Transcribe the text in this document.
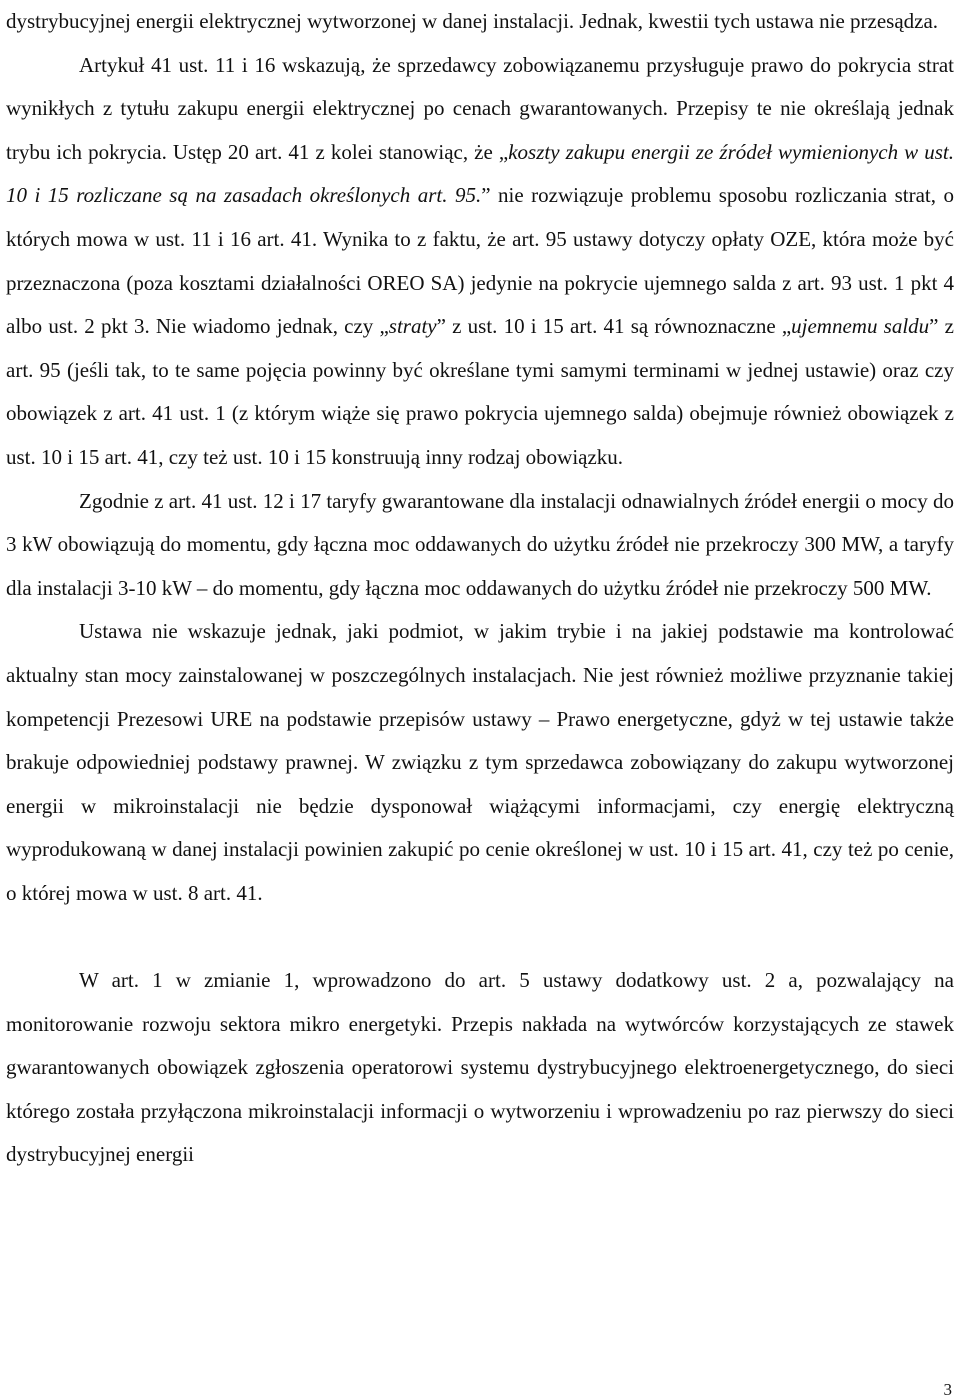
dystrybucyjnej energii elektrycznej wytworzonej w danej instalacji. Jednak, kwestii tych ustawa nie przesądza.

Artykuł 41 ust. 11 i 16 wskazują, że sprzedawcy zobowiązanemu przysługuje prawo do pokrycia strat wynikłych z tytułu zakupu energii elektrycznej po cenach gwarantowanych. Przepisy te nie określają jednak trybu ich pokrycia. Ustęp 20 art. 41 z kolei stanowiąc, że „koszty zakupu energii ze źródeł wymienionych w ust. 10 i 15 rozliczane są na zasadach określonych art. 95.” nie rozwiązuje problemu sposobu rozliczania strat, o których mowa w ust. 11 i 16 art. 41. Wynika to z faktu, że art. 95 ustawy dotyczy opłaty OZE, która może być przeznaczona (poza kosztami działalności OREO SA) jedynie na pokrycie ujemnego salda z art. 93 ust. 1 pkt 4 albo ust. 2 pkt 3. Nie wiadomo jednak, czy „straty” z ust. 10 i 15 art. 41 są równoznaczne „ujemnemu saldu” z art. 95 (jeśli tak, to te same pojęcia powinny być określane tymi samymi terminami w jednej ustawie) oraz czy obowiązek z art. 41 ust. 1 (z którym wiąże się prawo pokrycia ujemnego salda) obejmuje również obowiązek z ust. 10 i 15 art. 41, czy też ust. 10 i 15 konstruują inny rodzaj obowiązku.

Zgodnie z art. 41 ust. 12 i 17 taryfy gwarantowane dla instalacji odnawialnych źródeł energii o mocy do 3 kW obowiązują do momentu, gdy łączna moc oddawanych do użytku źródeł nie przekroczy 300 MW, a taryfy dla instalacji 3-10 kW – do momentu, gdy łączna moc oddawanych do użytku źródeł nie przekroczy 500 MW.

Ustawa nie wskazuje jednak, jaki podmiot, w jakim trybie i na jakiej podstawie ma kontrolować aktualny stan mocy zainstalowanej w poszczególnych instalacjach. Nie jest również możliwe przyznanie takiej kompetencji Prezesowi URE na podstawie przepisów ustawy – Prawo energetyczne, gdyż w tej ustawie także brakuje odpowiedniej podstawy prawnej. W związku z tym sprzedawca zobowiązany do zakupu wytworzonej energii w mikroinstalacji nie będzie dysponował wiążącymi informacjami, czy energię elektryczną wyprodukowaną w danej instalacji powinien zakupić po cenie określonej w ust. 10 i 15 art. 41, czy też po cenie, o której mowa w ust. 8 art. 41.

W art. 1 w zmianie 1, wprowadzono do art. 5 ustawy dodatkowy ust. 2 a, pozwalający na monitorowanie rozwoju sektora mikro energetyki. Przepis nakłada na wytwórców korzystających ze stawek gwarantowanych obowiązek zgłoszenia operatorowi systemu dystrybucyjnego elektroenergetycznego, do sieci którego została przyłączona mikroinstalacji informacji o wytworzeniu i wprowadzeniu po raz pierwszy do sieci dystrybucyjnej energii

3
